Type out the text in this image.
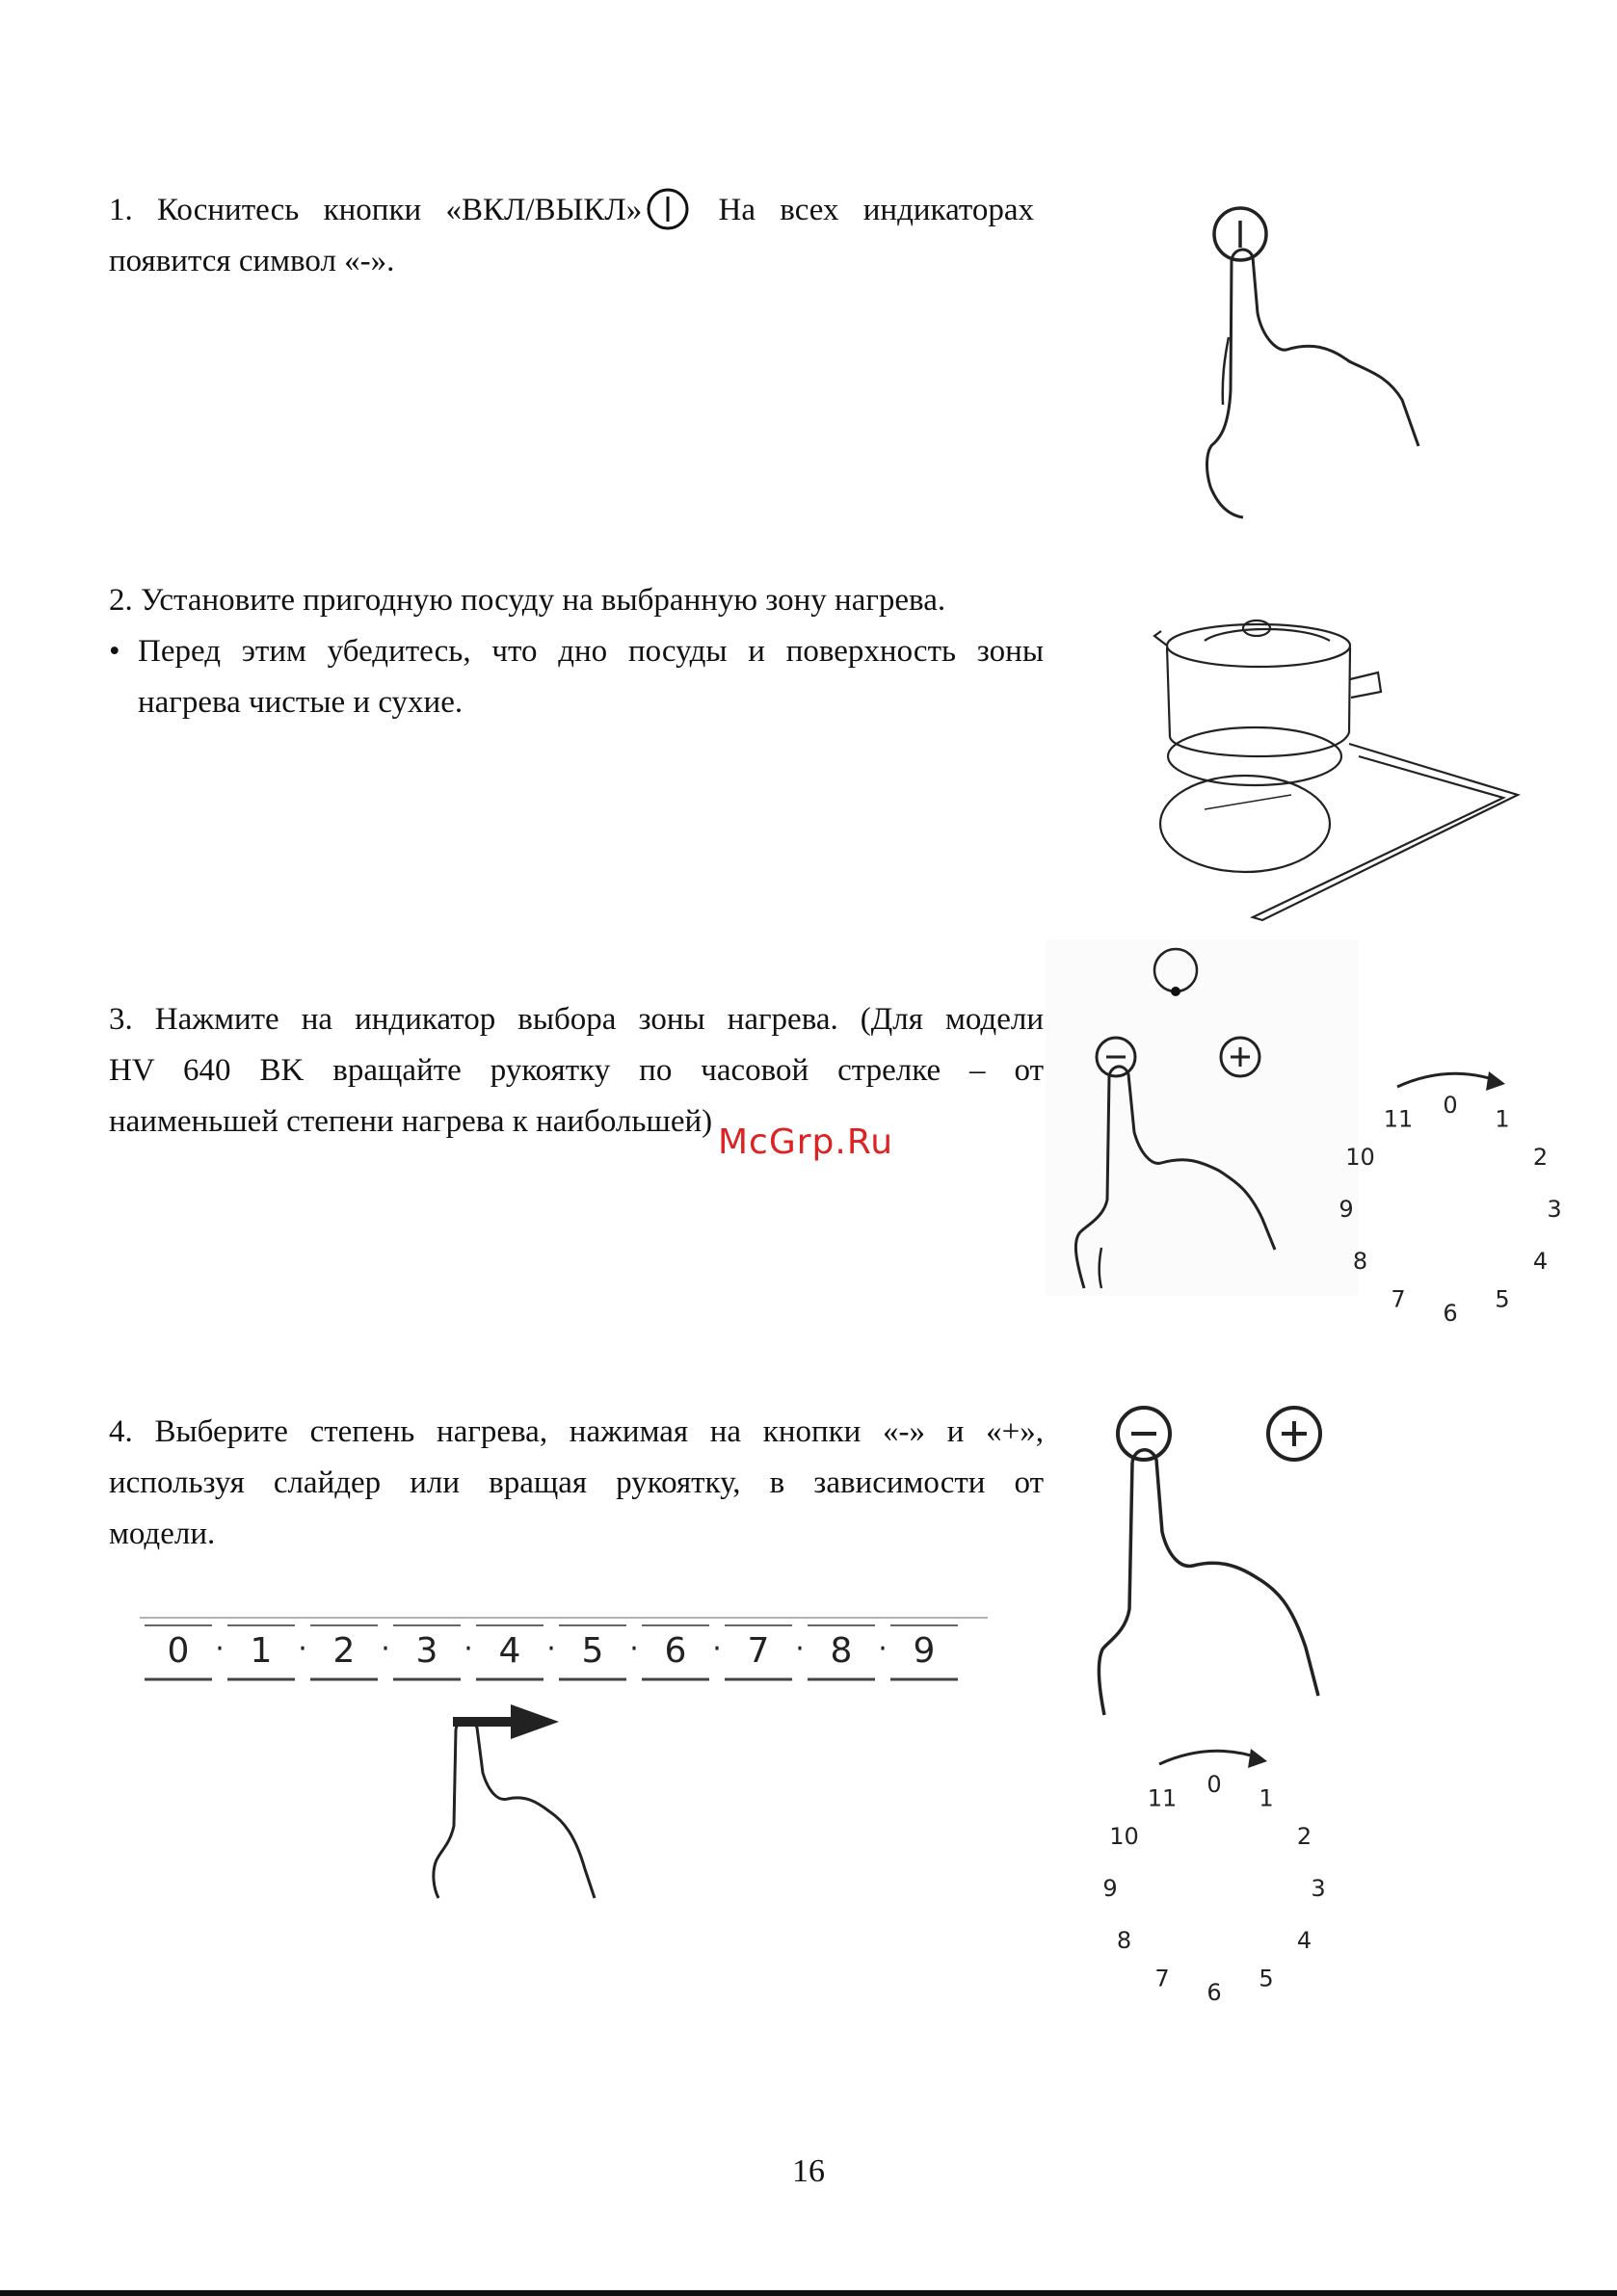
1. Коснитесь кнопки «ВКЛ/ВЫКЛ» На всех индикаторах появится символ «-».

2. Установите пригодную посуду на выбранную зону нагрева.

• Перед этим убедитесь, что дно посуды и поверхность зоны нагрева чистые и сухие.

3. Нажмите на индикатор выбора зоны нагрева. (Для модели
HV 640 BK вращайте рукоятку по часовой стрелке – от
наименьшей степени нагрева к наибольшей)	0
1
2
3
4
5
6
7
8
9
10
11
McGrp.Ru

4. Выберите степень нагрева, нажимая на кнопки «-» и «+»,
используя слайдер или вращая рукоятку, в зависимости от
модели.

0 · 1 · 2 · 3 · 4 · 5 · 6 · 7 · 8 · 9
0
1
2
3
4
5
6
7
8
9
10
11
16
